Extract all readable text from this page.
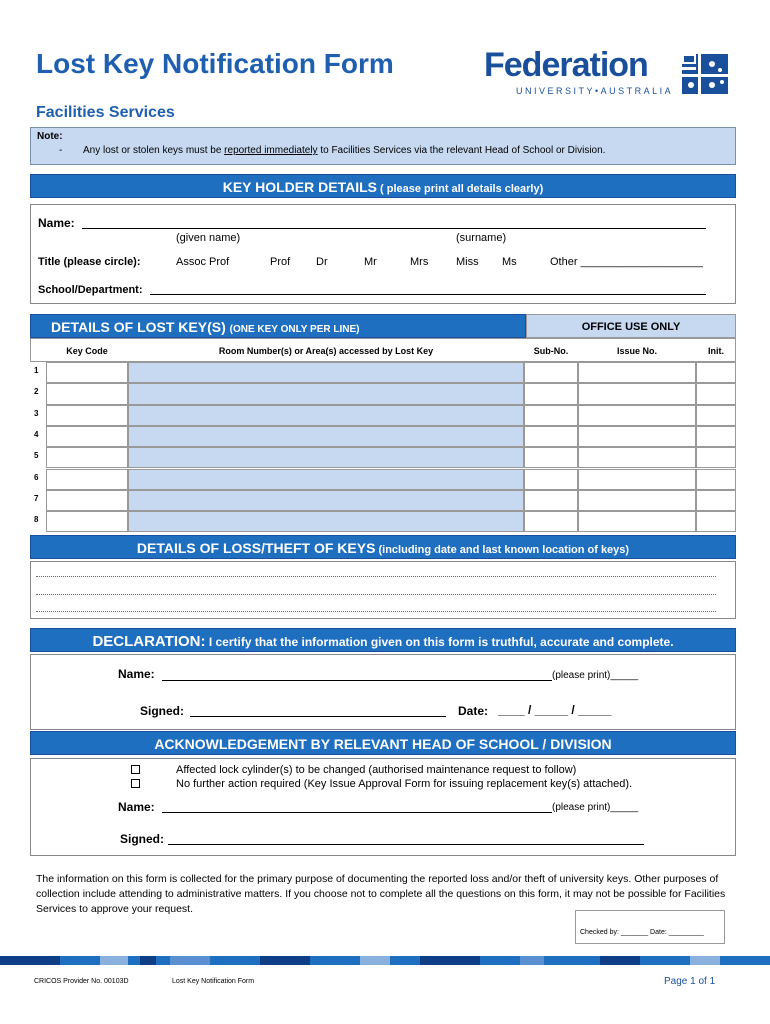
Lost Key Notification Form
Facilities Services
Federation
UNIVERSITY•AUSTRALIA
Note:
- Any lost or stolen keys must be reported immediately to Facilities Services via the relevant Head of School or Division.
KEY HOLDER DETAILS ( please print all details clearly)
Name:
(given name)	(surname)
Title (please circle):	Assoc Prof	Prof Dr	Mr	Mrs	Miss Ms	Other ____________________
School/Department:
DETAILS OF LOST KEY(S) (ONE KEY ONLY PER LINE)	OFFICE USE ONLY
Key Code	Room Number(s) or Area(s) accessed by Lost Key	Sub-No.	Issue No.	Init.
1
2
3
4
5
6
7
8
DETAILS OF LOSS/THEFT OF KEYS (including date and last known location of keys)
DECLARATION: I certify that the information given on this form is truthful, accurate and complete.
Name:	(please print)_____
Signed:	Date: ____ / _____ / _____
ACKNOWLEDGEMENT BY RELEVANT HEAD OF SCHOOL / DIVISION
Affected lock cylinder(s) to be changed (authorised maintenance request to follow)
No further action required (Key Issue Approval Form for issuing replacement key(s) attached).
Name:	(please print)_____
Signed:
The information on this form is collected for the primary purpose of documenting the reported loss and/or theft of university keys. Other purposes of collection include attending to administrative matters. If you choose not to complete all the questions on this form, it may not be possible for Facilities Services to approve your request.
Checked by: _______ Date: _________
CRICOS Provider No. 00103D	Lost Key Notification Form	Page 1 of 1
